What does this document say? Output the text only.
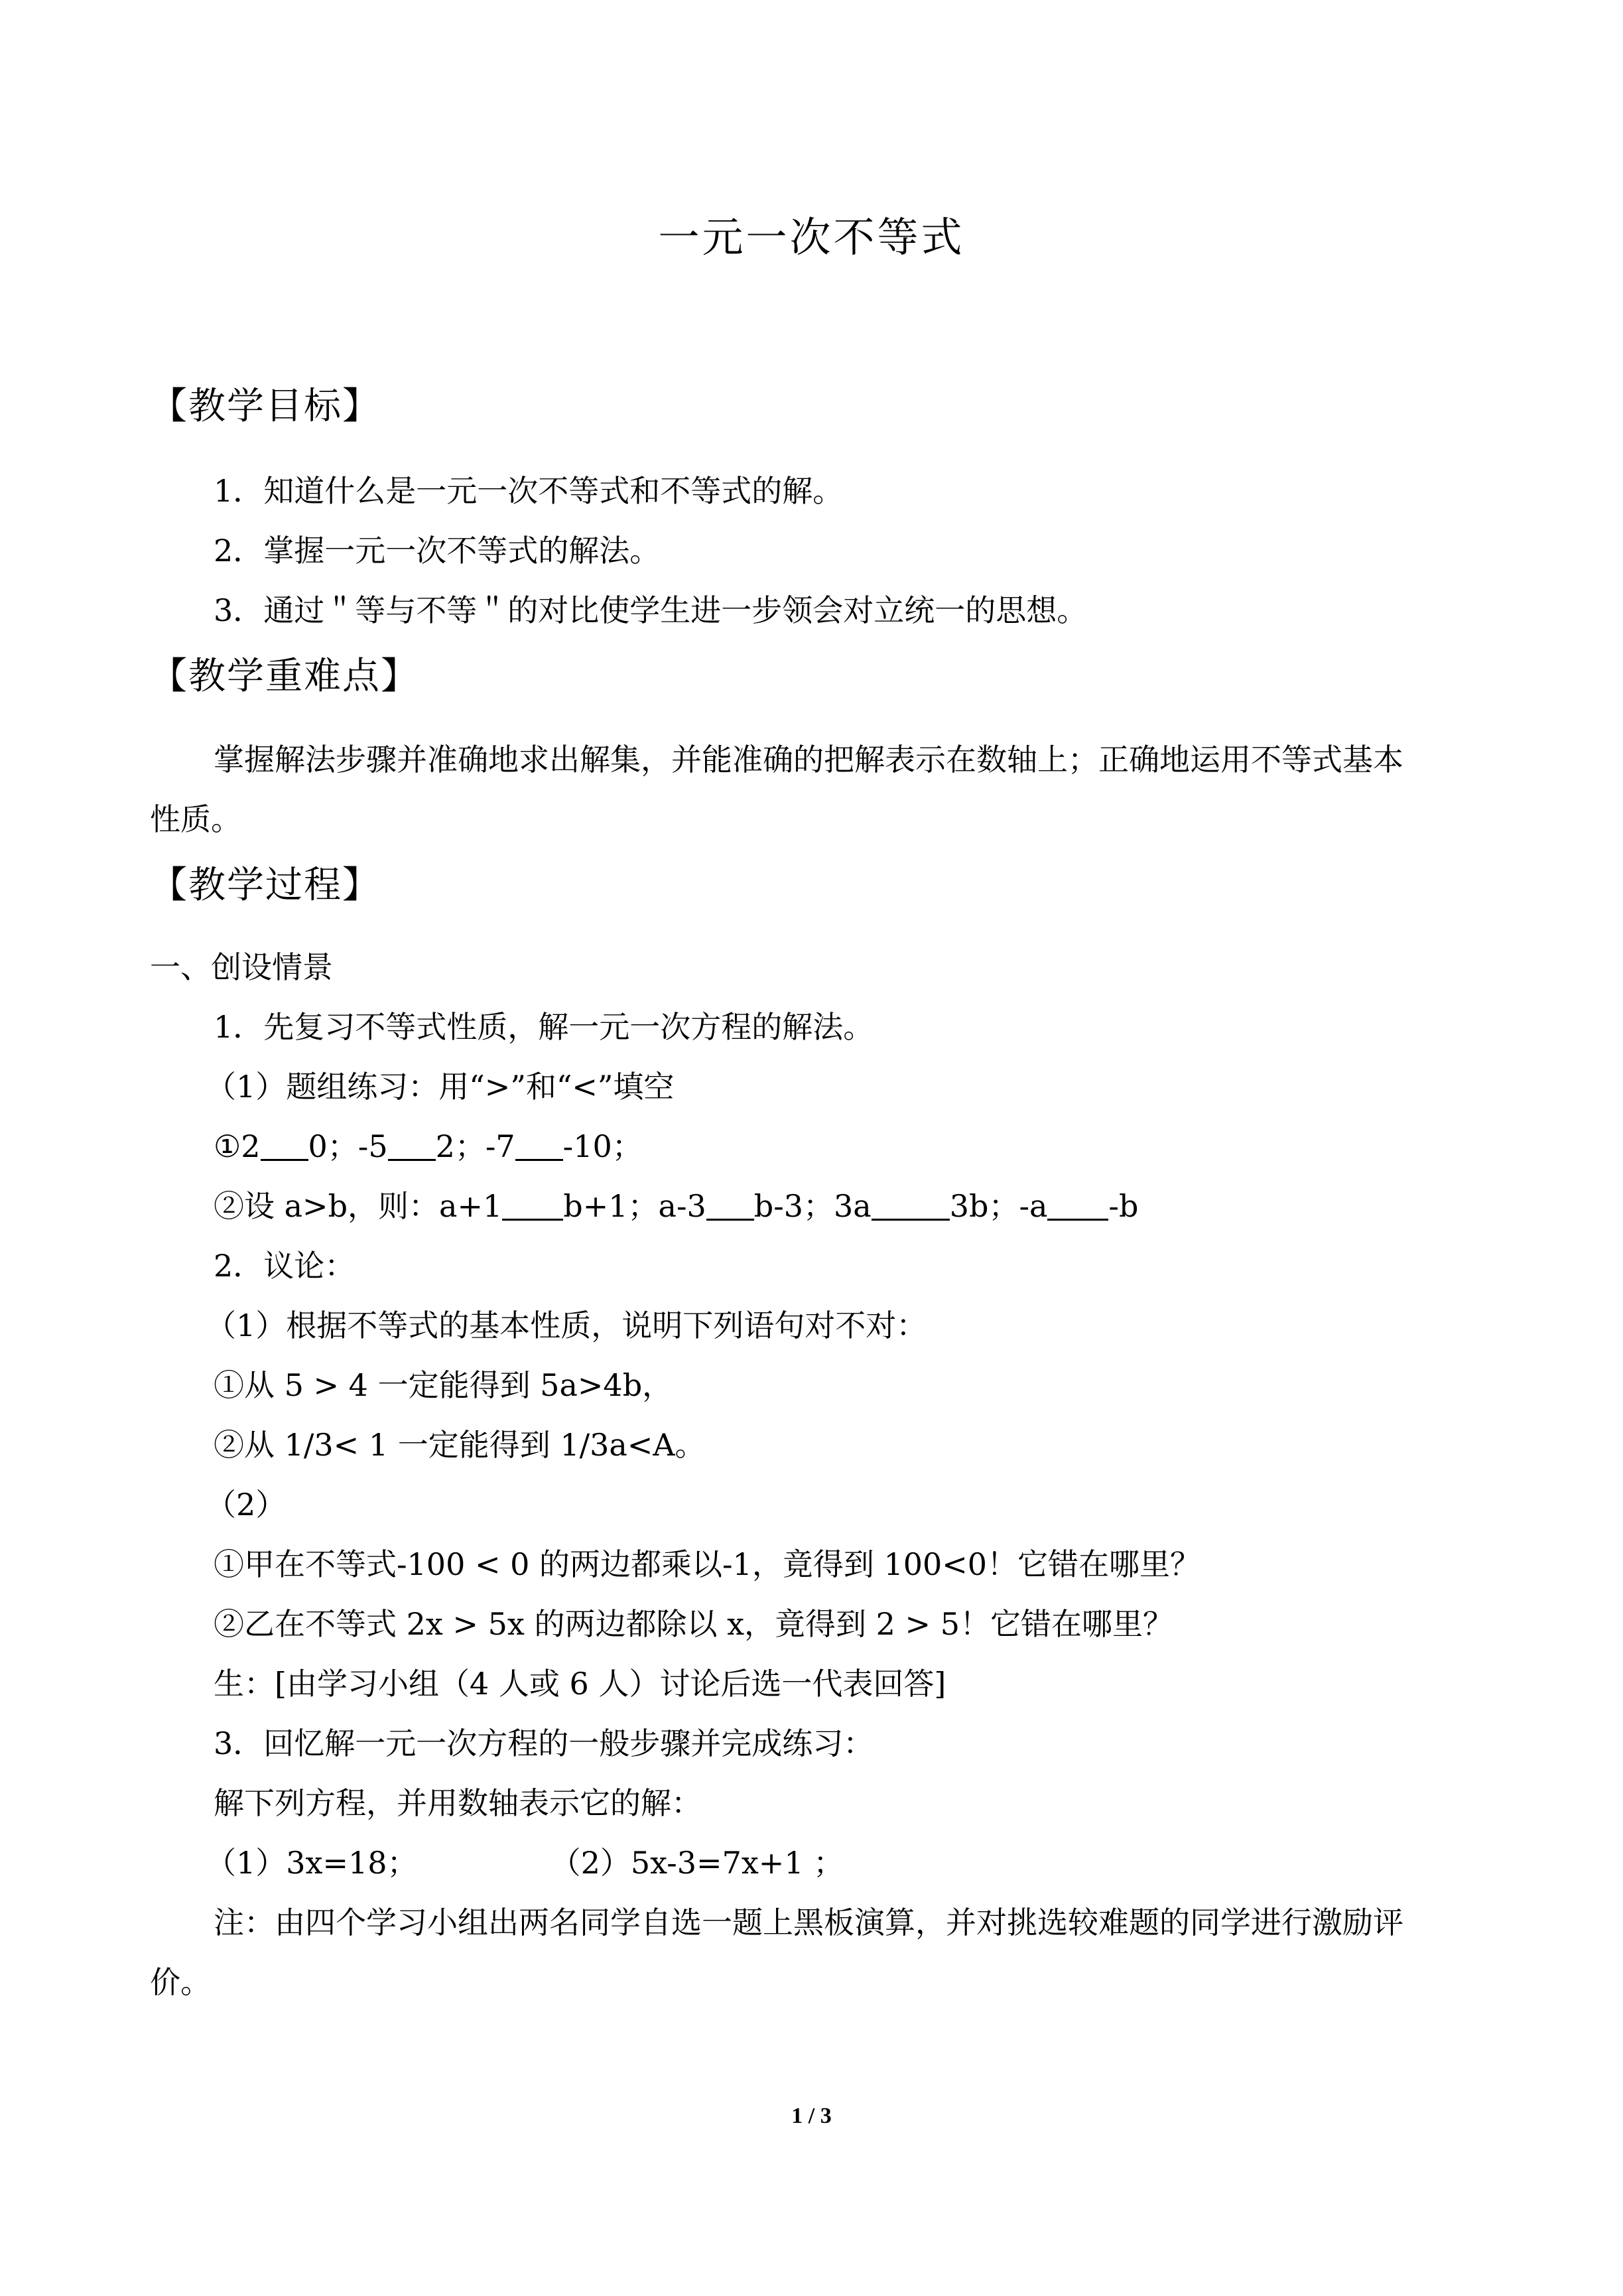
一元一次不等式
【教学目标】
1．知道什么是一元一次不等式和不等式的解。
2．掌握一元一次不等式的解法。
3．通过＂等与不等＂的对比使学生进一步领会对立统一的思想。
【教学重难点】
掌握解法步骤并准确地求出解集，并能准确的把解表示在数轴上；正确地运用不等式基本
性质。
【教学过程】
一、创设情景
1．先复习不等式性质，解一元一次方程的解法。
（1）题组练习：用“>”和“<”填空
①2 0；-5 2；-7 -10；
②设 a>b，则：a+1 b+1；a-3 b-3；3a	3b；-a -b
2．议论：
（1）根据不等式的基本性质，说明下列语句对不对：
①从 5 > 4 一定能得到 5a>4b，
②从 1/3< 1 一定能得到 1/3a<A。
（2）
①甲在不等式-100 < 0 的两边都乘以-1，竟得到 100<0！它错在哪里？
②乙在不等式 2x > 5x 的两边都除以 x，竟得到 2 > 5！它错在哪里？
生：[由学习小组（4 人或 6 人）讨论后选一代表回答]
3．回忆解一元一次方程的一般步骤并完成练习：
解下列方程，并用数轴表示它的解：
（1）3x=18；	（2）5x-3=7x+1 ；
注：由四个学习小组出两名同学自选一题上黑板演算，并对挑选较难题的同学进行激励评
价。
1 / 3
